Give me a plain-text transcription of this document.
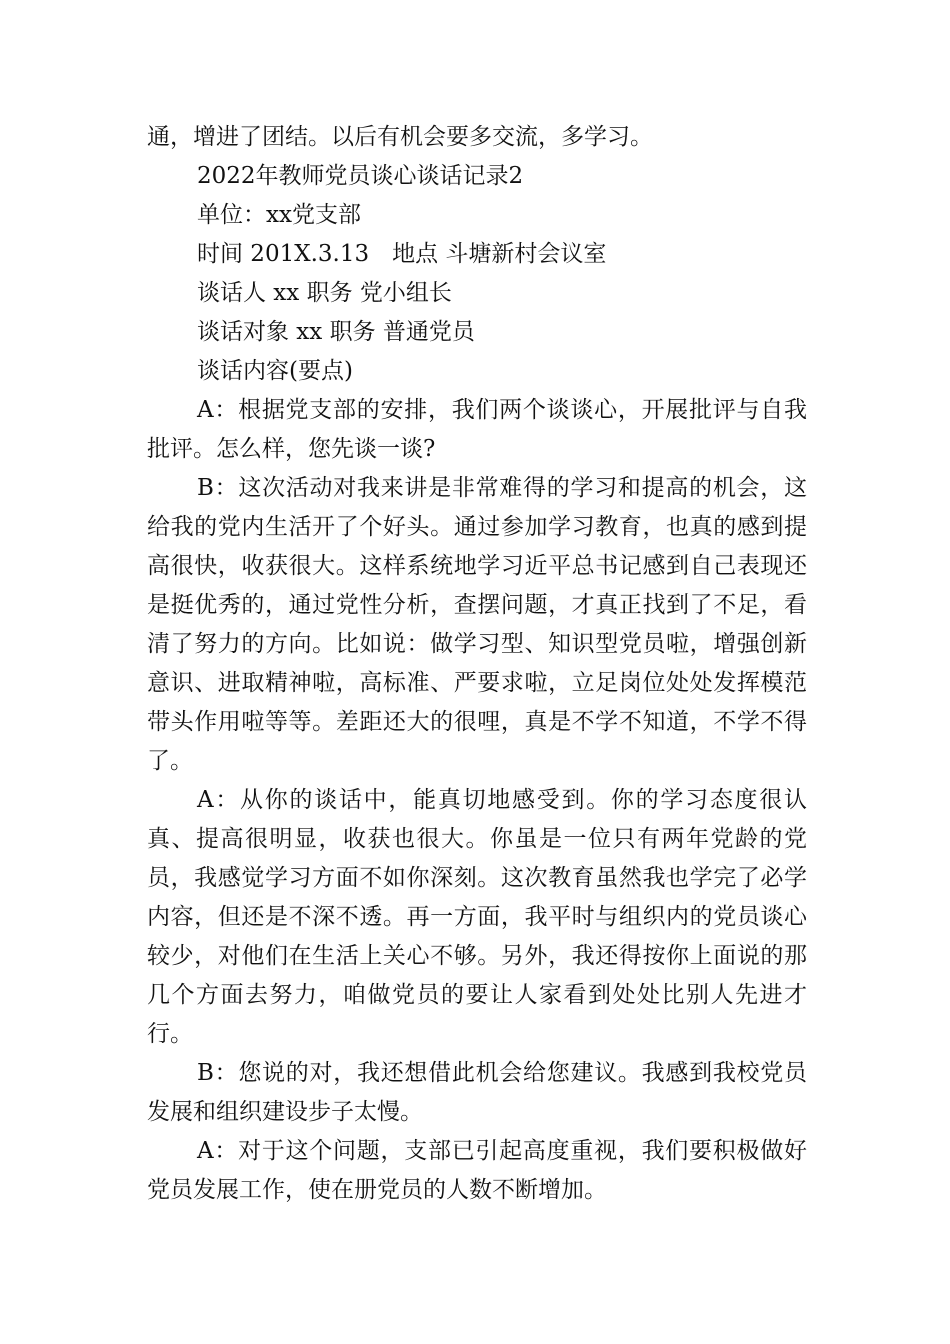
通，增进了团结。以后有机会要多交流，多学习。

2022年教师党员谈心谈话记录2

单位：xx党支部

时间 201X.3.13　地点 斗塘新村会议室

谈话人 xx 职务 党小组长

谈话对象 xx 职务 普通党员

谈话内容(要点)

A：根据党支部的安排，我们两个谈谈心，开展批评与自我批评。怎么样，您先谈一谈?

B：这次活动对我来讲是非常难得的学习和提高的机会，这给我的党内生活开了个好头。通过参加学习教育，也真的感到提高很快，收获很大。这样系统地学习近平总书记感到自己表现还是挺优秀的，通过党性分析，查摆问题，才真正找到了不足，看清了努力的方向。比如说：做学习型、知识型党员啦，增强创新意识、进取精神啦，高标准、严要求啦，立足岗位处处发挥模范带头作用啦等等。差距还大的很哩，真是不学不知道，不学不得了。

A：从你的谈话中，能真切地感受到。你的学习态度很认真、提高很明显，收获也很大。你虽是一位只有两年党龄的党员，我感觉学习方面不如你深刻。这次教育虽然我也学完了必学内容，但还是不深不透。再一方面，我平时与组织内的党员谈心较少，对他们在生活上关心不够。另外，我还得按你上面说的那几个方面去努力，咱做党员的要让人家看到处处比别人先进才行。

B：您说的对，我还想借此机会给您建议。我感到我校党员发展和组织建设步子太慢。

A：对于这个问题，支部已引起高度重视，我们要积极做好党员发展工作，使在册党员的人数不断增加。
